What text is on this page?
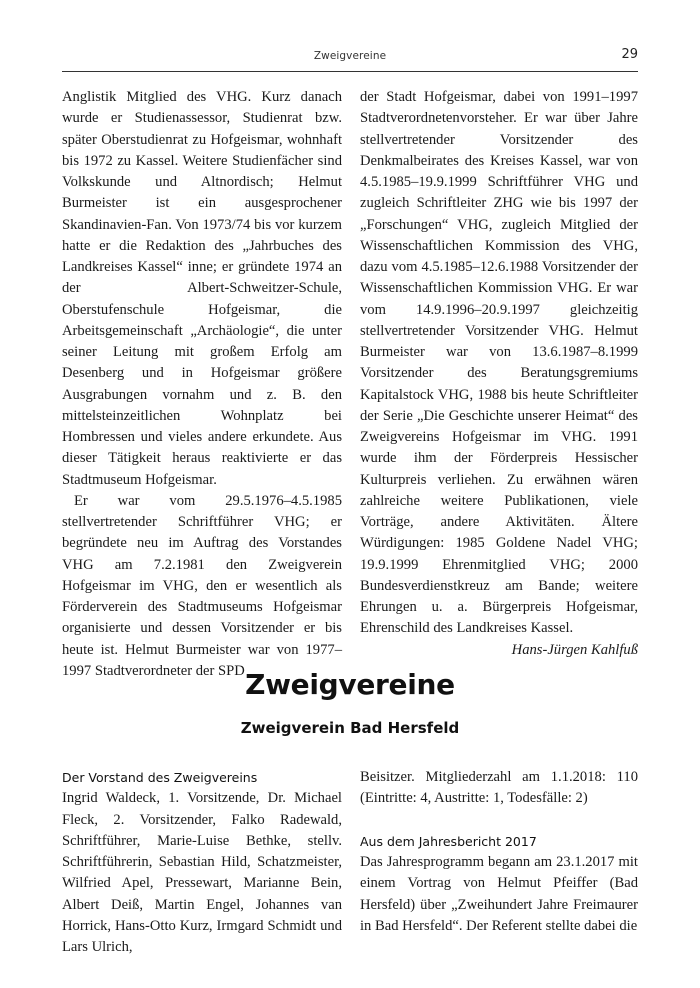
Zweigvereine	29

Anglistik Mitglied des VHG. Kurz danach wurde er Studienassessor, Studienrat bzw. später Oberstudienrat zu Hofgeismar, wohnhaft bis 1972 zu Kassel. Weitere Studienfächer sind Volkskunde und Altnordisch; Helmut Burmeister ist ein ausgesprochener Skandinavien-Fan. Von 1973/74 bis vor kurzem hatte er die Redaktion des „Jahrbuches des Landkreises Kassel“ inne; er gründete 1974 an der Albert-Schweitzer-Schule, Oberstufenschule Hofgeismar, die Arbeitsgemeinschaft „Archäologie“, die unter seiner Leitung mit großem Erfolg am Desenberg und in Hofgeismar größere Ausgrabungen vornahm und z. B. den mittelsteinzeitlichen Wohnplatz bei Hombressen und vieles andere erkundete. Aus dieser Tätigkeit heraus reaktivierte er das Stadtmuseum Hofgeismar.

Er war vom 29.5.1976–4.5.1985 stellvertretender Schriftführer VHG; er begründete neu im Auftrag des Vorstandes VHG am 7.2.1981 den Zweigverein Hofgeismar im VHG, den er wesentlich als Förderverein des Stadtmuseums Hofgeismar organisierte und dessen Vorsitzender er bis heute ist. Helmut Burmeister war von 1977–1997 Stadtverordneter der SPD

der Stadt Hofgeismar, dabei von 1991–1997 Stadtverordnetenvorsteher. Er war über Jahre stellvertretender Vorsitzender des Denkmalbeirates des Kreises Kassel, war von 4.5.1985–19.9.1999 Schriftführer VHG und zugleich Schriftleiter ZHG wie bis 1997 der „Forschungen“ VHG, zugleich Mitglied der Wissenschaftlichen Kommission des VHG, dazu vom 4.5.1985–12.6.1988 Vorsitzender der Wissenschaftlichen Kommission VHG. Er war vom 14.9.1996–20.9.1997 gleichzeitig stellvertretender Vorsitzender VHG. Helmut Burmeister war von 13.6.1987–8.1999 Vorsitzender des Beratungsgremiums Kapitalstock VHG, 1988 bis heute Schriftleiter der Serie „Die Geschichte unserer Heimat“ des Zweigvereins Hofgeismar im VHG. 1991 wurde ihm der Förderpreis Hessischer Kulturpreis verliehen. Zu erwähnen wären zahlreiche weitere Publikationen, viele Vorträge, andere Aktivitäten. Ältere Würdigungen: 1985 Goldene Nadel VHG; 19.9.1999 Ehrenmitglied VHG; 2000 Bundesverdienstkreuz am Bande; weitere Ehrungen u. a. Bürgerpreis Hofgeismar, Ehrenschild des Landkreises Kassel.

Hans-Jürgen Kahlfuß

Zweigvereine
Zweigverein Bad Hersfeld
Der Vorstand des Zweigvereins

Ingrid Waldeck, 1. Vorsitzende, Dr. Michael Fleck, 2. Vorsitzender, Falko Radewald, Schriftführer, Marie-Luise Bethke, stellv. Schriftführerin, Sebastian Hild, Schatzmeister, Wilfried Apel, Pressewart, Marianne Bein, Albert Deiß, Martin Engel, Johannes van Horrick, Hans-Otto Kurz, Irmgard Schmidt und Lars Ulrich,

Beisitzer. Mitgliederzahl am 1.1.2018: 110 (Eintritte: 4, Austritte: 1, Todesfälle: 2)

Aus dem Jahresbericht 2017

Das Jahresprogramm begann am 23.1.2017 mit einem Vortrag von Helmut Pfeiffer (Bad Hersfeld) über „Zweihundert Jahre Freimaurer in Bad Hersfeld“. Der Referent stellte dabei die
